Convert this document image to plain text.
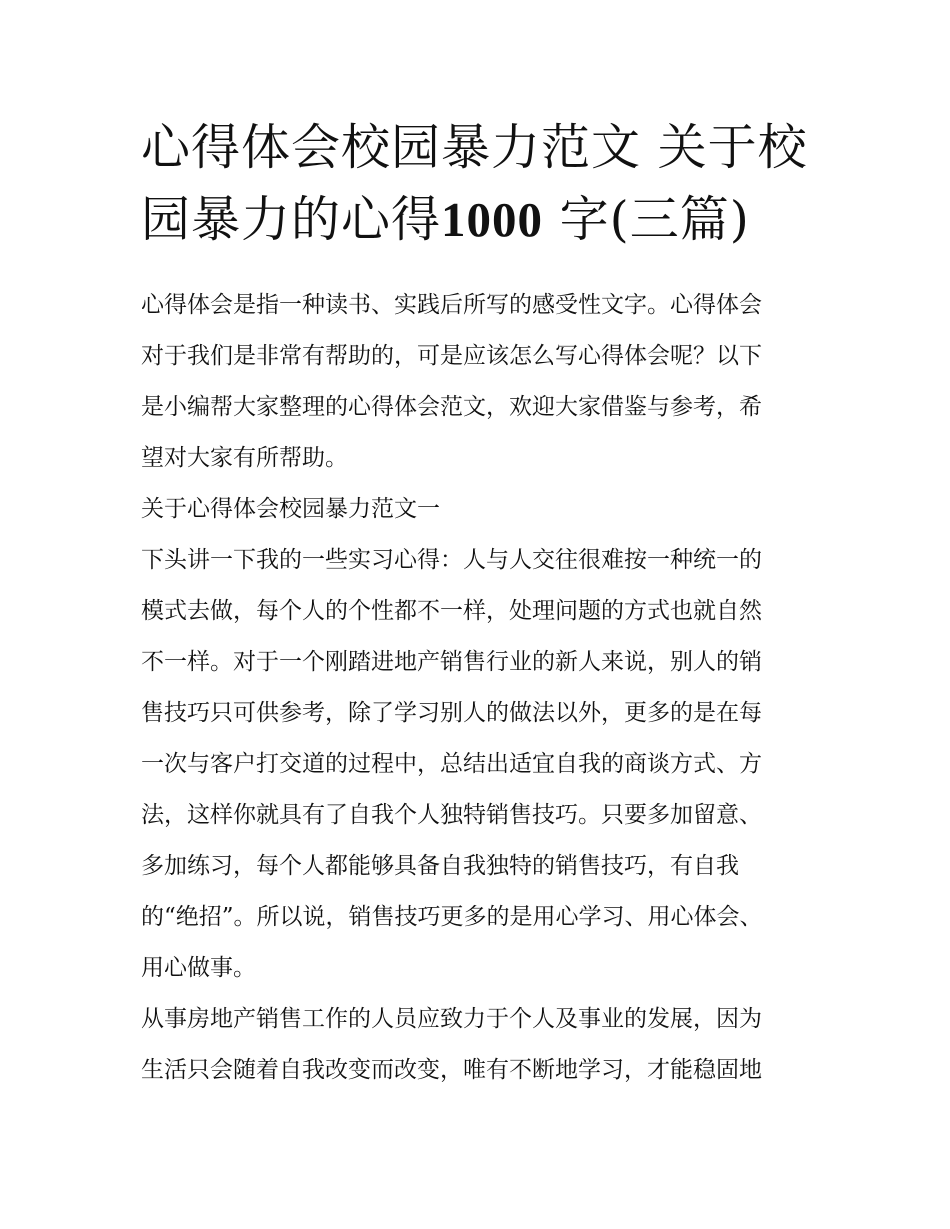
心得体会校园暴力范文 关于校
园暴力的心得1000 字(三篇)

心得体会是指一种读书、实践后所写的感受性文字。心得体会
对于我们是非常有帮助的，可是应该怎么写心得体会呢？以下
是小编帮大家整理的心得体会范文，欢迎大家借鉴与参考，希
望对大家有所帮助。

关于心得体会校园暴力范文一

下头讲一下我的一些实习心得：人与人交往很难按一种统一的
模式去做，每个人的个性都不一样，处理问题的方式也就自然
不一样。对于一个刚踏进地产销售行业的新人来说，别人的销
售技巧只可供参考，除了学习别人的做法以外，更多的是在每
一次与客户打交道的过程中，总结出适宜自我的商谈方式、方
法，这样你就具有了自我个人独特销售技巧。只要多加留意、
多加练习，每个人都能够具备自我独特的销售技巧，有自我
的“绝招”。所以说，销售技巧更多的是用心学习、用心体会、
用心做事。

从事房地产销售工作的人员应致力于个人及事业的发展，因为
生活只会随着自我改变而改变，唯有不断地学习，才能稳固地
